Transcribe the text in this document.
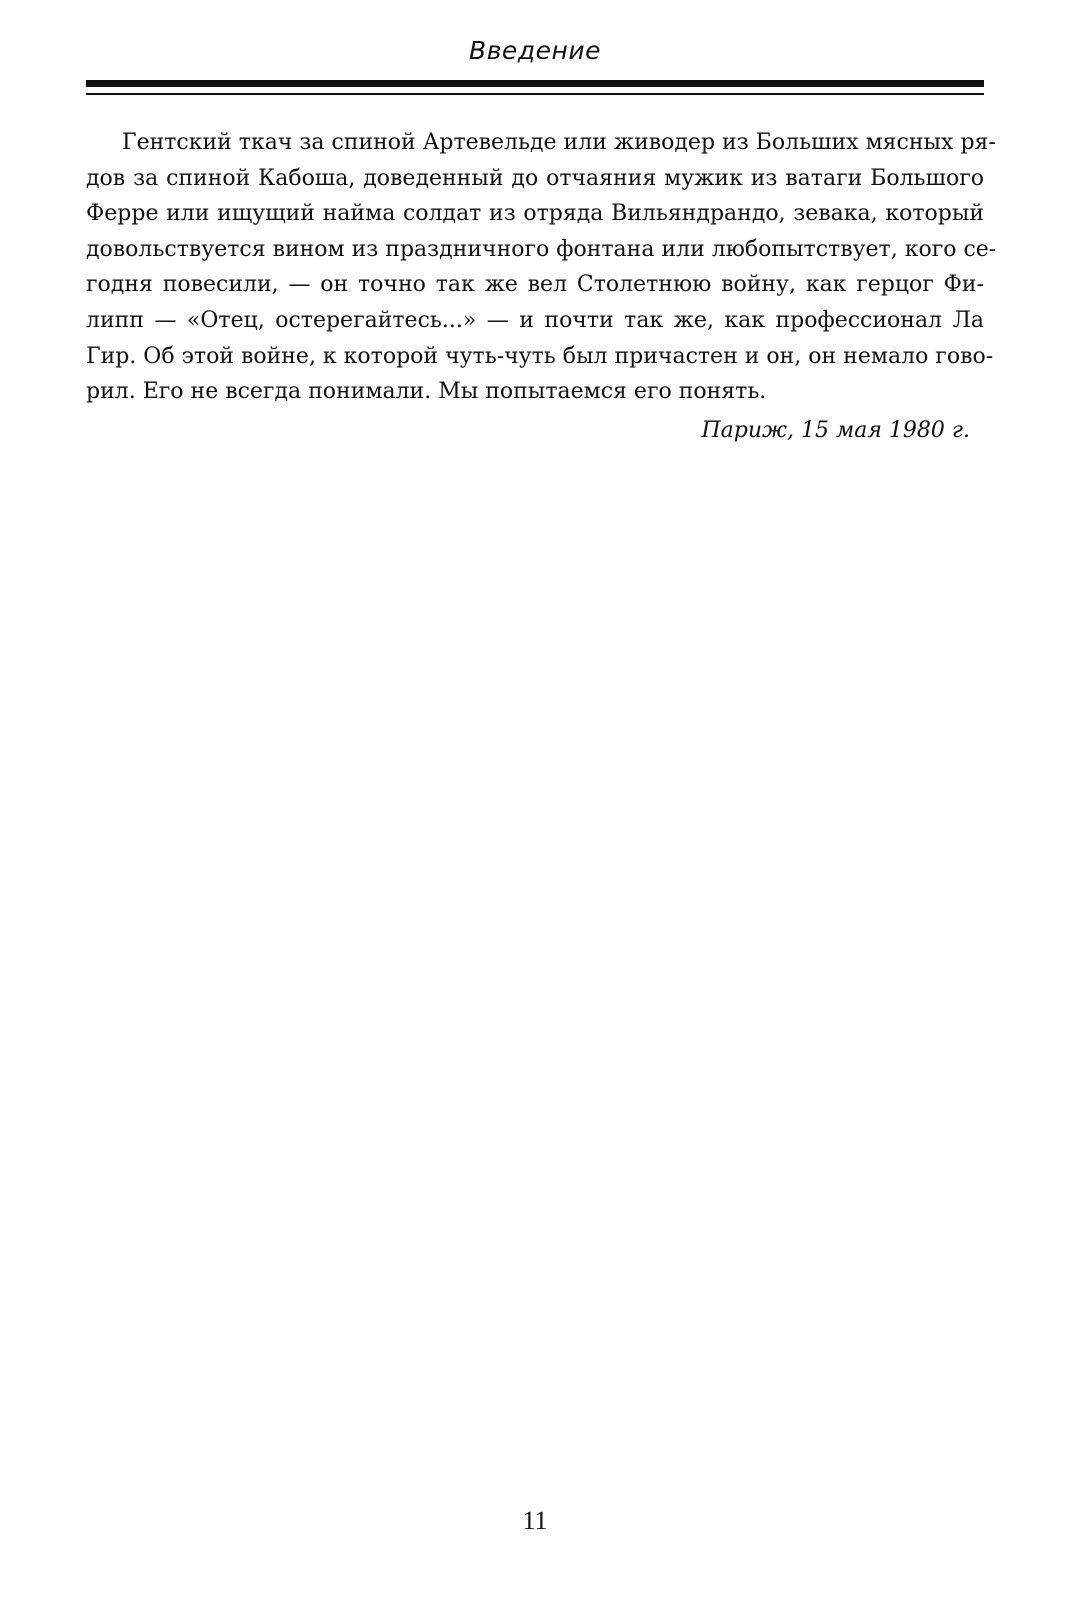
Введение
Гентский ткач за спиной Артевельде или живодер из Больших мясных ря-
дов за спиной Кабоша, доведенный до отчаяния мужик из ватаги Большого
Ферре или ищущий найма солдат из отряда Вильяндрандо, зевака, который
довольствуется вином из праздничного фонтана или любопытствует, кого се-
годня повесили, — он точно так же вел Столетнюю войну, как герцог Фи-
липп — «Отец, остерегайтесь...» — и почти так же, как профессионал Ла
Гир. Об этой войне, к которой чуть-чуть был причастен и он, он немало гово-
рил. Его не всегда понимали. Мы попытаемся его понять.
Париж, 15 мая 1980 г.
11
